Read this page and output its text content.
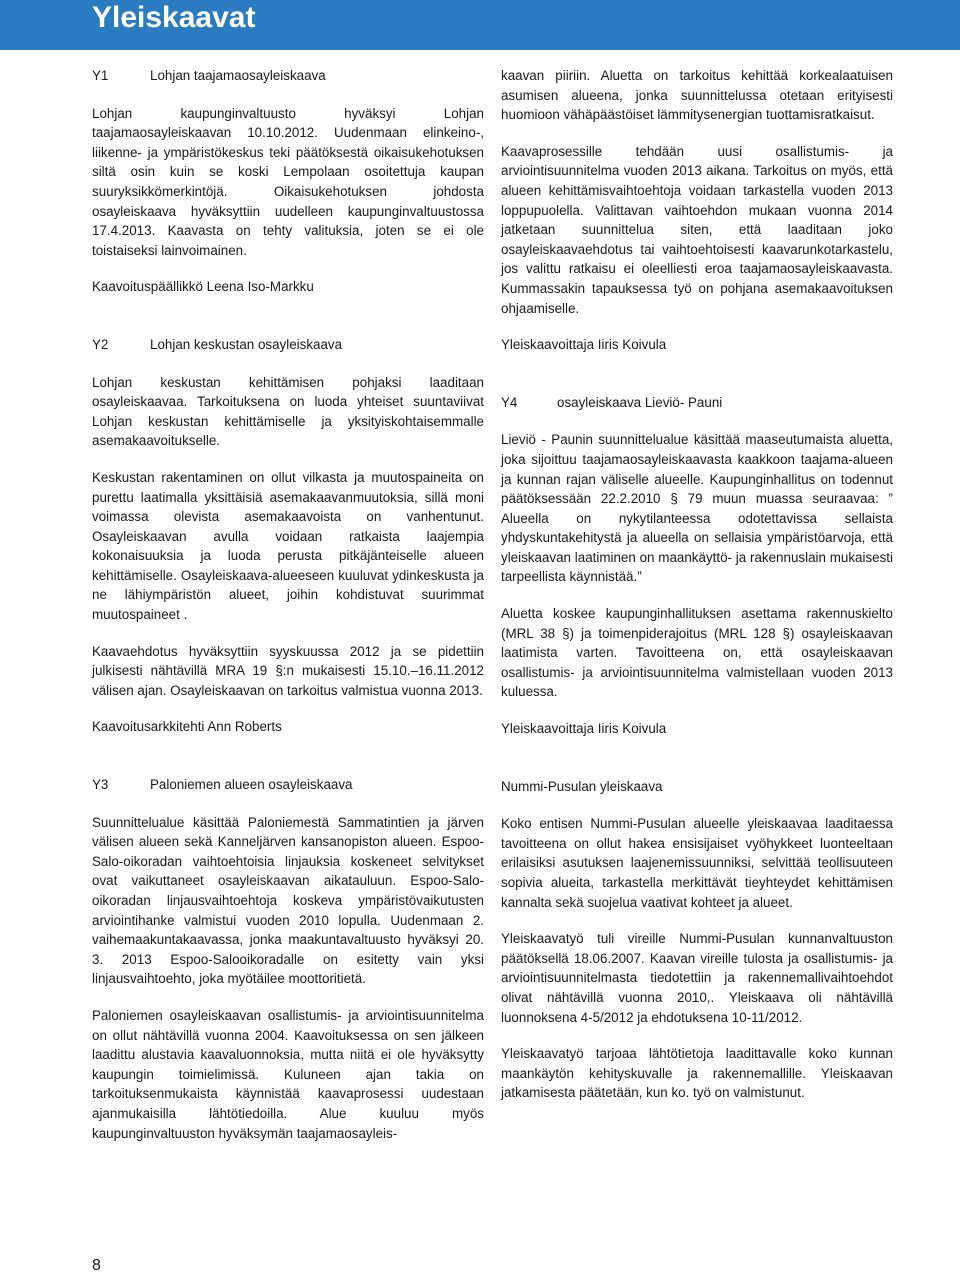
Yleiskaavat
Y1	Lohjan taajamaosayleiskaava

Lohjan kaupunginvaltuusto hyväksyi Lohjan taajamaosayleiskaavan 10.10.2012. Uudenmaan elinkeino-, liikenne- ja ympäristökeskus teki päätöksestä oikaisukehotuksen siltä osin kuin se koski Lempolaan osoitettuja kaupan suuryksikkömerkintöjä. Oikaisukehotuksen johdosta osayleiskaava hyväksyttiin uudelleen kaupunginvaltuustossa 17.4.2013. Kaavasta on tehty valituksia, joten se ei ole toistaiseksi lainvoimainen.

Kaavoituspäällikkö Leena Iso-Markku

Y2	Lohjan keskustan osayleiskaava

Lohjan keskustan kehittämisen pohjaksi laaditaan osayleiskaavaa. Tarkoituksena on luoda yhteiset suuntaviivat Lohjan keskustan kehittämiselle ja yksityiskohtaisemmalle asemakaavoitukselle.

Keskustan rakentaminen on ollut vilkasta ja muutospaineita on purettu laatimalla yksittäisiä asemakaavanmuutoksia, sillä moni voimassa olevista asemakaavoista on vanhentunut. Osayleiskaavan avulla voidaan ratkaista laajempia kokonaisuuksia ja luoda perusta pitkäjänteiselle alueen kehittämiselle. Osayleiskaava-alueeseen kuuluvat ydinkeskusta ja ne lähiympäristön alueet, joihin kohdistuvat suurimmat muutospaineet .

Kaavaehdotus hyväksyttiin syyskuussa 2012 ja se pidettiin julkisesti nähtävillä MRA 19 §:n mukaisesti 15.10.–16.11.2012 välisen ajan. Osayleiskaavan on tarkoitus valmistua vuonna 2013.

Kaavoitusarkkitehti Ann Roberts

Y3	Paloniemen alueen osayleiskaava

Suunnittelualue käsittää Paloniemestä Sammatintien ja järven välisen alueen sekä Kanneljärven kansanopiston alueen. Espoo-Salo-oikoradan vaihtoehtoisia linjauksia koskeneet selvitykset ovat vaikuttaneet osayleiskaavan aikatauluun. Espoo-Salo-oikoradan linjausvaihtoehtoja koskeva ympäristövaikutusten arviointihanke valmistui vuoden 2010 lopulla. Uudenmaan 2. vaihemaakuntakaavassa, jonka maakuntavaltuusto hyväksyi 20. 3. 2013 Espoo-Salooikoradalle on esitetty vain yksi linjausvaihtoehto, joka myötäilee moottoritietä.

Paloniemen osayleiskaavan osallistumis- ja arviointisuunnitelma on ollut nähtävillä vuonna 2004. Kaavoituksessa on sen jälkeen laadittu alustavia kaavaluonnoksia, mutta niitä ei ole hyväksytty kaupungin toimielimissä. Kuluneen ajan takia on tarkoituksenmukaista käynnistää kaavaprosessi uudestaan ajanmukaisilla lähtötiedoilla. Alue kuuluu myös kaupunginvaltuuston hyväksymän taajamaosayleis-

kaavan piiriin. Aluetta on tarkoitus kehittää korkealaatuisen asumisen alueena, jonka suunnittelussa otetaan erityisesti huomioon vähäpäästöiset lämmitysenergian tuottamisratkaisut.

Kaavaprosessille tehdään uusi osallistumis- ja arviointisuunnitelma vuoden 2013 aikana. Tarkoitus on myös, että alueen kehittämisvaihtoehtoja voidaan tarkastella vuoden 2013 loppupuolella. Valittavan vaihtoehdon mukaan vuonna 2014 jatketaan suunnittelua siten, että laaditaan joko osayleiskaavaehdotus tai vaihtoehtoisesti kaavarunkotarkastelu, jos valittu ratkaisu ei oleelliesti eroa taajamaosayleiskaavasta. Kummassakin tapauksessa työ on pohjana asemakaavoituksen ohjaamiselle.

Yleiskaavoittaja Iiris Koivula

Y4	osayleiskaava Lieviö- Pauni

Lieviö - Paunin suunnittelualue käsittää maaseutumaista aluetta, joka sijoittuu taajamaosayleiskaavasta kaakkoon taajama-alueen ja kunnan rajan väliselle alueelle. Kaupunginhallitus on todennut päätöksessään 22.2.2010 § 79 muun muassa seuraavaa: ” Alueella on nykytilanteessa odotettavissa sellaista yhdyskuntakehitystä ja alueella on sellaisia ympäristöarvoja, että yleiskaavan laatiminen on maankäyttö- ja rakennuslain mukaisesti tarpeellista käynnistää.”

Aluetta koskee kaupunginhallituksen asettama rakennuskielto (MRL 38 §) ja toimenpiderajoitus (MRL 128 §) osayleiskaavan laatimista varten. Tavoitteena on, että osayleiskaavan osallistumis- ja arviointisuunnitelma valmistellaan vuoden 2013 kuluessa.

Yleiskaavoittaja Iiris Koivula

Nummi-Pusulan yleiskaava

Koko entisen Nummi-Pusulan alueelle yleiskaavaa laaditaessa tavoitteena on ollut hakea ensisijaiset vyöhykkeet luonteeltaan erilaisiksi asutuksen laajenemissuunniksi, selvittää teollisuuteen sopivia alueita, tarkastella merkittävät tieyhteydet kehittämisen kannalta sekä suojelua vaativat kohteet ja alueet.

Yleiskaavatyö tuli vireille Nummi-Pusulan kunnanvaltuuston päätöksellä 18.06.2007. Kaavan vireille tulosta ja osallistumis- ja arviointisuunnitelmasta tiedotettiin ja rakennemallivaihtoehdot olivat nähtävillä vuonna 2010,. Yleiskaava oli nähtävillä luonnoksena 4-5/2012 ja ehdotuksena 10-11/2012.

Yleiskaavatyö tarjoaa lähtötietoja laadittavalle koko kunnan maankäytön kehityskuvalle ja rakennemallille. Yleiskaavan jatkamisesta päätetään, kun ko. työ on valmistunut.

8
